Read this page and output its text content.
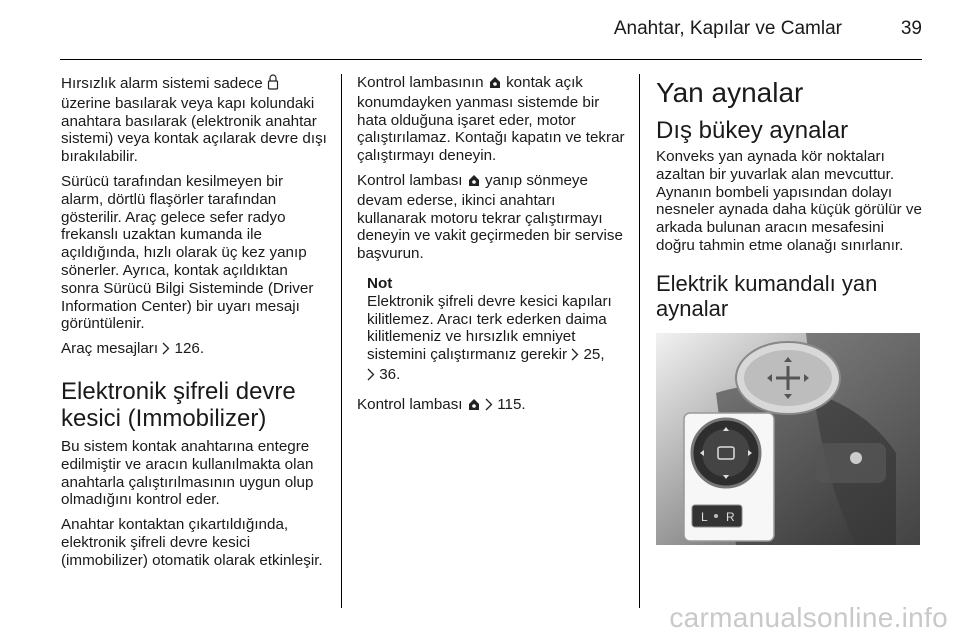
Anahtar, Kapılar ve Camlar	39

Hırsızlık alarm sistemi sadece  üzerine basılarak veya kapı kolundaki anahtara basılarak (elektronik anahtar sistemi) veya kontak açılarak devre dışı bırakılabilir.

Sürücü tarafından kesilmeyen bir alarm, dörtlü flaşörler tarafından gösterilir. Araç gelece sefer radyo frekanslı uzaktan kumanda ile açıldığında, hızlı olarak üç kez yanıp sönerler. Ayrıca, kontak açıldıktan sonra Sürücü Bilgi Sisteminde (Driver Information Center) bir uyarı mesajı görüntülenir.

Araç mesajları  126.

Elektronik şifreli devre kesici (Immobilizer)

Bu sistem kontak anahtarına entegre edilmiştir ve aracın kullanılmakta olan anahtarla çalıştırılmasının uygun olup olmadığını kontrol eder.

Anahtar kontaktan çıkartıldığında, elektronik şifreli devre kesici (immobilizer) otomatik olarak etkinleşir.

Kontrol lambasının  kontak açık konumdayken yanması sistemde bir hata olduğuna işaret eder, motor çalıştırılamaz. Kontağı kapatın ve tekrar çalıştırmayı deneyin.

Kontrol lambası  yanıp sönmeye devam ederse, ikinci anahtarı kullanarak motoru tekrar çalıştırmayı deneyin ve vakit geçirmeden bir servise başvurun.

Not
Elektronik şifreli devre kesici kapıları kilitlemez. Aracı terk ederken daima kilitlemeniz ve hırsızlık emniyet sistemini çalıştırmanız gerekir  25,
36.

Kontrol lambası   115.

Yan aynalar
Dış bükey aynalar

Konveks yan aynada kör noktaları azaltan bir yuvarlak alan mevcuttur. Aynanın bombeli yapısından dolayı nesneler aynada daha küçük görülür ve arkada bulunan aracın mesafesini doğru tahmin etme olanağı sınırlanır.

Elektrik kumandalı yan aynalar
L R
carmanualsonline.info
